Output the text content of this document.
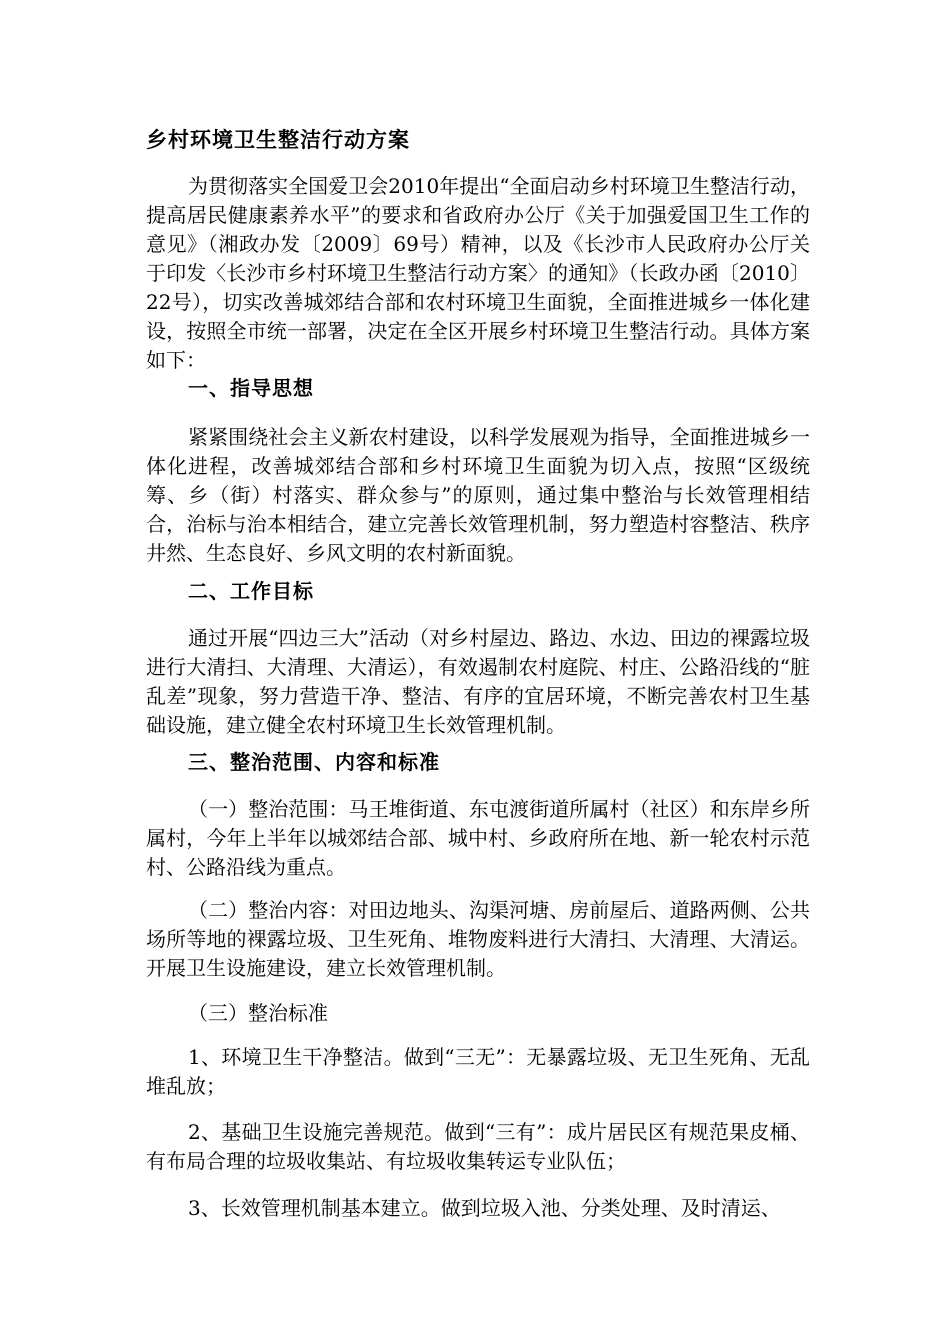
乡村环境卫生整洁行动方案

为贯彻落实全国爱卫会2010年提出“全面启动乡村环境卫生整洁行动，提高居民健康素养水平”的要求和省政府办公厅《关于加强爱国卫生工作的意见》（湘政办发〔2009〕69号）精神，以及《长沙市人民政府办公厅关于印发〈长沙市乡村环境卫生整洁行动方案〉的通知》（长政办函〔2010〕22号），切实改善城郊结合部和农村环境卫生面貌，全面推进城乡一体化建设，按照全市统一部署，决定在全区开展乡村环境卫生整洁行动。具体方案如下：

一、指导思想

紧紧围绕社会主义新农村建设，以科学发展观为指导，全面推进城乡一体化进程，改善城郊结合部和乡村环境卫生面貌为切入点，按照“区级统筹、乡（街）村落实、群众参与”的原则，通过集中整治与长效管理相结合，治标与治本相结合，建立完善长效管理机制，努力塑造村容整洁、秩序井然、生态良好、乡风文明的农村新面貌。

二、工作目标

通过开展“四边三大”活动（对乡村屋边、路边、水边、田边的裸露垃圾进行大清扫、大清理、大清运），有效遏制农村庭院、村庄、公路沿线的“脏乱差”现象，努力营造干净、整洁、有序的宜居环境，不断完善农村卫生基础设施，建立健全农村环境卫生长效管理机制。

三、整治范围、内容和标准

（一）整治范围：马王堆街道、东屯渡街道所属村（社区）和东岸乡所属村，今年上半年以城郊结合部、城中村、乡政府所在地、新一轮农村示范村、公路沿线为重点。

（二）整治内容：对田边地头、沟渠河塘、房前屋后、道路两侧、公共场所等地的裸露垃圾、卫生死角、堆物废料进行大清扫、大清理、大清运。开展卫生设施建设，建立长效管理机制。

（三）整治标准

1、环境卫生干净整洁。做到“三无”：无暴露垃圾、无卫生死角、无乱堆乱放；

2、基础卫生设施完善规范。做到“三有”：成片居民区有规范果皮桶、有布局合理的垃圾收集站、有垃圾收集转运专业队伍；

3、长效管理机制基本建立。做到垃圾入池、分类处理、及时清运、
